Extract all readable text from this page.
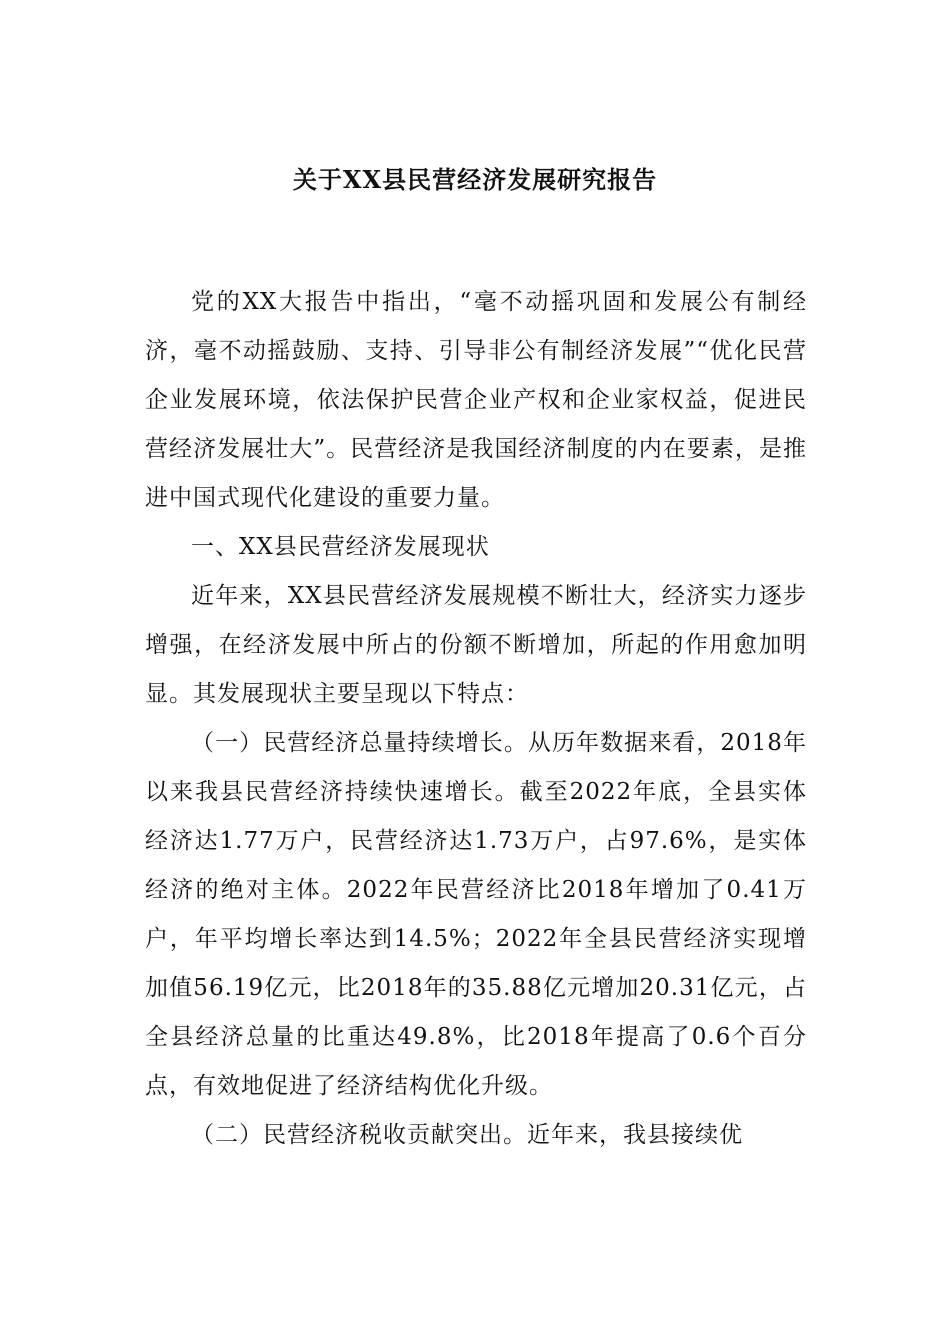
关于XX县民营经济发展研究报告

党的XX大报告中指出，“毫不动摇巩固和发展公有制经济，毫不动摇鼓励、支持、引导非公有制经济发展”“优化民营企业发展环境，依法保护民营企业产权和企业家权益，促进民营经济发展壮大”。民营经济是我国经济制度的内在要素，是推进中国式现代化建设的重要力量。

一、XX县民营经济发展现状

近年来，XX县民营经济发展规模不断壮大，经济实力逐步增强，在经济发展中所占的份额不断增加，所起的作用愈加明显。其发展现状主要呈现以下特点：

（一）民营经济总量持续增长。从历年数据来看，2018年以来我县民营经济持续快速增长。截至2022年底，全县实体经济达1.77万户，民营经济达1.73万户，占97.6%，是实体经济的绝对主体。2022年民营经济比2018年增加了0.41万户，年平均增长率达到14.5%；2022年全县民营经济实现增加值56.19亿元，比2018年的35.88亿元增加20.31亿元，占全县经济总量的比重达49.8%，比2018年提高了0.6个百分点，有效地促进了经济结构优化升级。

（二）民营经济税收贡献突出。近年来，我县接续优
